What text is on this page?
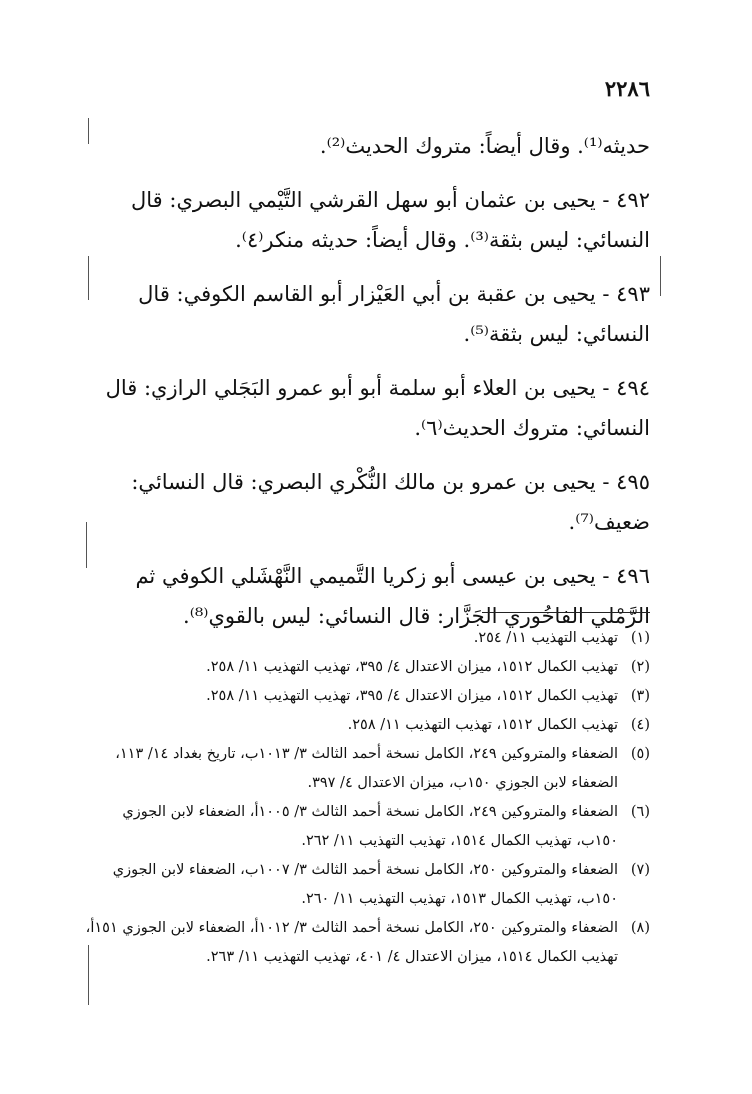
٢٢٨٦
حديثه⁽¹⁾. وقال أيضاً: متروك الحديث⁽²⁾.
٤٩٢ - يحيى بن عثمان أبو سهل القرشي التَّيْمي البصري: قال النسائي: ليس بثقة⁽³⁾. وقال أيضاً: حديثه منكر⁽٤⁾.
٤٩٣ - يحيى بن عقبة بن أبي العَيْزار أبو القاسم الكوفي: قال النسائي: ليس بثقة⁽⁵⁾.
٤٩٤ - يحيى بن العلاء أبو سلمة أبو أبو عمرو البَجَلي الرازي: قال النسائي: متروك الحديث⁽٦⁾.
٤٩٥ - يحيى بن عمرو بن مالك النُّكْري البصري: قال النسائي: ضعيف⁽⁷⁾.
٤٩٦ - يحيى بن عيسى أبو زكريا التَّميمي النَّهْشَلي الكوفي ثم الرَّمْلي الفاخُوري الجَزَّار: قال النسائي: ليس بالقوي⁽⁸⁾.
(١)
تهذيب التهذيب ١١/ ٢٥٤.
(٢)
تهذيب الكمال ١٥١٢، ميزان الاعتدال ٤/ ٣٩٥، تهذيب التهذيب ١١/ ٢٥٨.
(٣)
تهذيب الكمال ١٥١٢، ميزان الاعتدال ٤/ ٣٩٥، تهذيب التهذيب ١١/ ٢٥٨.
(٤)
تهذيب الكمال ١٥١٢، تهذيب التهذيب ١١/ ٢٥٨.
(٥)
الضعفاء والمتروكين ٢٤٩، الكامل نسخة أحمد الثالث ٣/ ١٠١٣ب، تاريخ بغداد ١٤/ ١١٣، الضعفاء لابن الجوزي ١٥٠ب، ميزان الاعتدال ٤/ ٣٩٧.
(٦)
الضعفاء والمتروكين ٢٤٩، الكامل نسخة أحمد الثالث ٣/ ١٠٠٥أ، الضعفاء لابن الجوزي ١٥٠ب، تهذيب الكمال ١٥١٤، تهذيب التهذيب ١١/ ٢٦٢.
(٧)
الضعفاء والمتروكين ٢٥٠، الكامل نسخة أحمد الثالث ٣/ ١٠٠٧ب، الضعفاء لابن الجوزي ١٥٠ب، تهذيب الكمال ١٥١٣، تهذيب التهذيب ١١/ ٢٦٠.
(٨)
الضعفاء والمتروكين ٢٥٠، الكامل نسخة أحمد الثالث ٣/ ١٠١٢أ، الضعفاء لابن الجوزي ١٥١أ، تهذيب الكمال ١٥١٤، ميزان الاعتدال ٤/ ٤٠١، تهذيب التهذيب ١١/ ٢٦٣.
